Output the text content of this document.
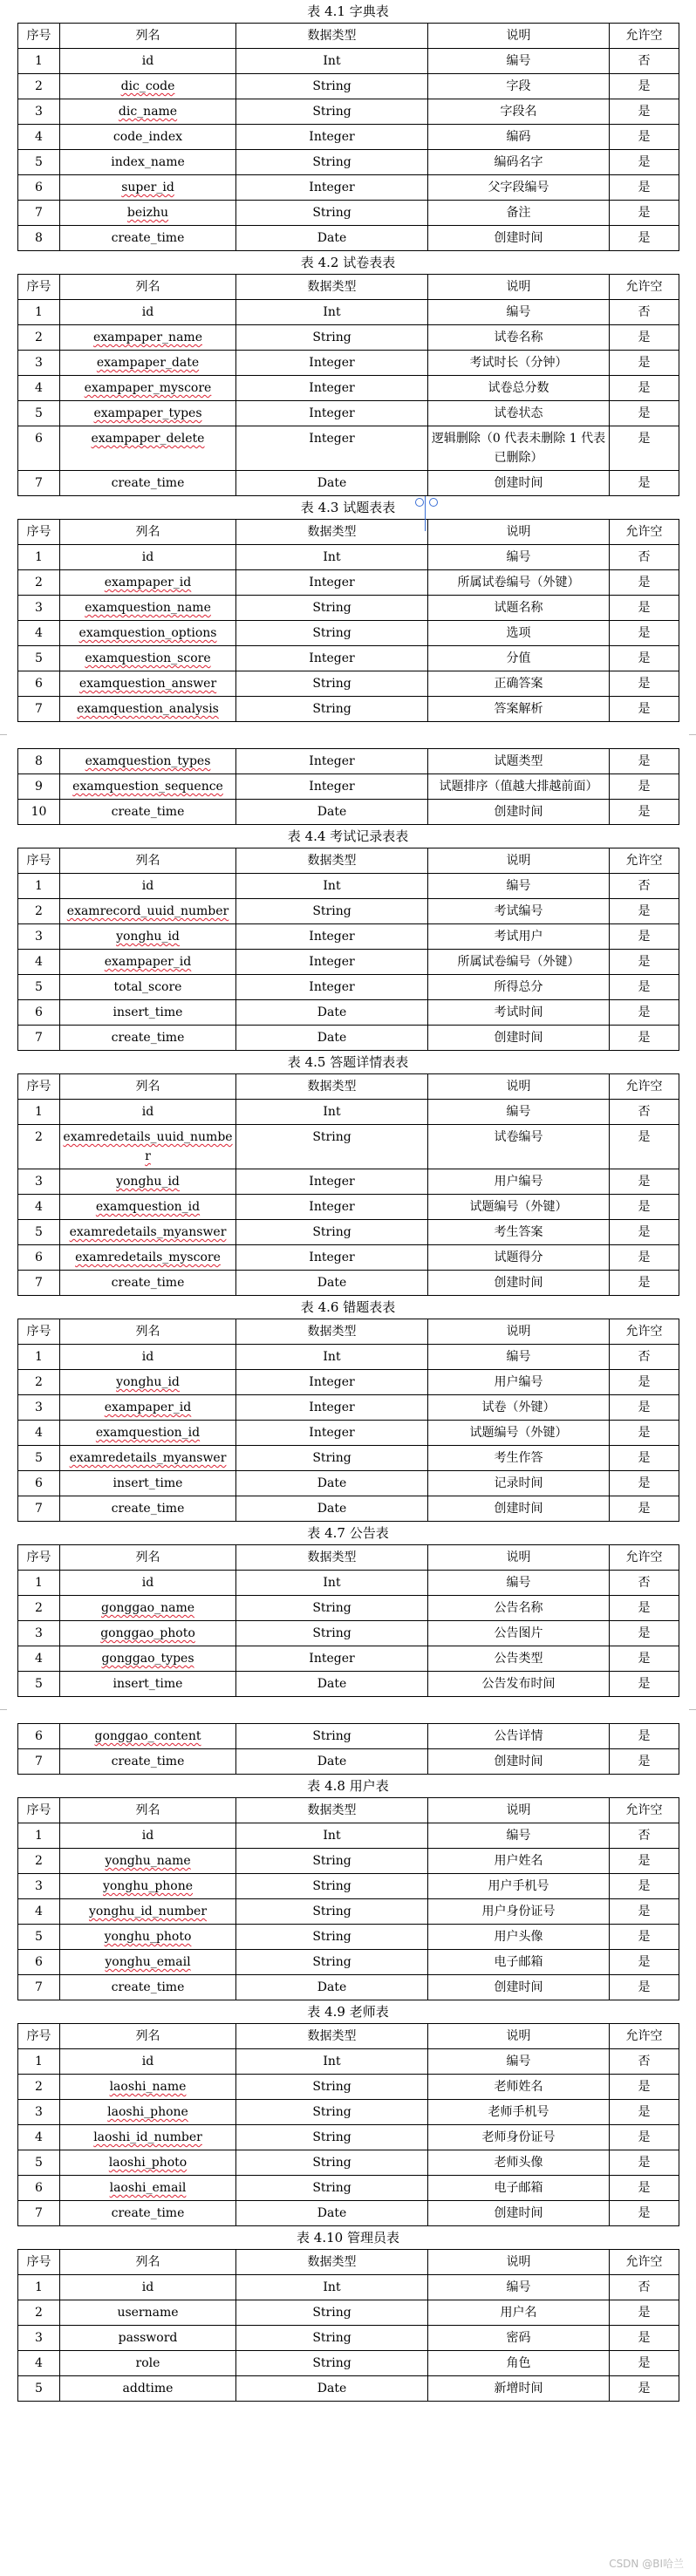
表 4.1 字典表
序号	列名	数据类型	说明	允许空
1	id	Int	编号	否
2	dic_code	String	字段	是
3	dic_name	String	字段名	是
4	code_index	Integer	编码	是
5	index_name	String	编码名字	是
6	super_id	Integer	父字段编号	是
7	beizhu	String	备注	是
8	create_time	Date	创建时间	是
表 4.2 试卷表表
序号	列名	数据类型	说明	允许空
1	id	Int	编号	否
2	exampaper_name	String	试卷名称	是
3	exampaper_date	Integer	考试时长（分钟）	是
4	exampaper_myscore	Integer	试卷总分数	是
5	exampaper_types	Integer	试卷状态	是
6	exampaper_delete	Integer	逻辑删除（0 代表未删除 1 代表已删除）	是
7	create_time	Date	创建时间	是
表 4.3 试题表表
序号	列名	数据类型	说明	允许空
1	id	Int	编号	否
2	exampaper_id	Integer	所属试卷编号（外键）	是
3	examquestion_name	String	试题名称	是
4	examquestion_options	String	选项	是
5	examquestion_score	Integer	分值	是
6	examquestion_answer	String	正确答案	是
7	examquestion_analysis	String	答案解析	是
8	examquestion_types	Integer	试题类型	是
9	examquestion_sequence	Integer	试题排序（值越大排越前面）	是
10	create_time	Date	创建时间	是
表 4.4 考试记录表表
序号	列名	数据类型	说明	允许空
1	id	Int	编号	否
2	examrecord_uuid_number	String	考试编号	是
3	yonghu_id	Integer	考试用户	是
4	exampaper_id	Integer	所属试卷编号（外键）	是
5	total_score	Integer	所得总分	是
6	insert_time	Date	考试时间	是
7	create_time	Date	创建时间	是
表 4.5 答题详情表表
序号	列名	数据类型	说明	允许空
1	id	Int	编号	否
2	examredetails_uuid_number	String	试卷编号	是
3	yonghu_id	Integer	用户编号	是
4	examquestion_id	Integer	试题编号（外键）	是
5	examredetails_myanswer	String	考生答案	是
6	examredetails_myscore	Integer	试题得分	是
7	create_time	Date	创建时间	是
表 4.6 错题表表
序号	列名	数据类型	说明	允许空
1	id	Int	编号	否
2	yonghu_id	Integer	用户编号	是
3	exampaper_id	Integer	试卷（外键）	是
4	examquestion_id	Integer	试题编号（外键）	是
5	examredetails_myanswer	String	考生作答	是
6	insert_time	Date	记录时间	是
7	create_time	Date	创建时间	是
表 4.7 公告表
序号	列名	数据类型	说明	允许空
1	id	Int	编号	否
2	gonggao_name	String	公告名称	是
3	gonggao_photo	String	公告图片	是
4	gonggao_types	Integer	公告类型	是
5	insert_time	Date	公告发布时间	是
6	gonggao_content	String	公告详情	是
7	create_time	Date	创建时间	是
表 4.8 用户表
序号	列名	数据类型	说明	允许空
1	id	Int	编号	否
2	yonghu_name	String	用户姓名	是
3	yonghu_phone	String	用户手机号	是
4	yonghu_id_number	String	用户身份证号	是
5	yonghu_photo	String	用户头像	是
6	yonghu_email	String	电子邮箱	是
7	create_time	Date	创建时间	是
表 4.9 老师表
序号	列名	数据类型	说明	允许空
1	id	Int	编号	否
2	laoshi_name	String	老师姓名	是
3	laoshi_phone	String	老师手机号	是
4	laoshi_id_number	String	老师身份证号	是
5	laoshi_photo	String	老师头像	是
6	laoshi_email	String	电子邮箱	是
7	create_time	Date	创建时间	是
表 4.10 管理员表
序号	列名	数据类型	说明	允许空
1	id	Int	编号	否
2	username	String	用户名	是
3	password	String	密码	是
4	role	String	角色	是
5	addtime	Date	新增时间	是
CSDN @BI哈兰
